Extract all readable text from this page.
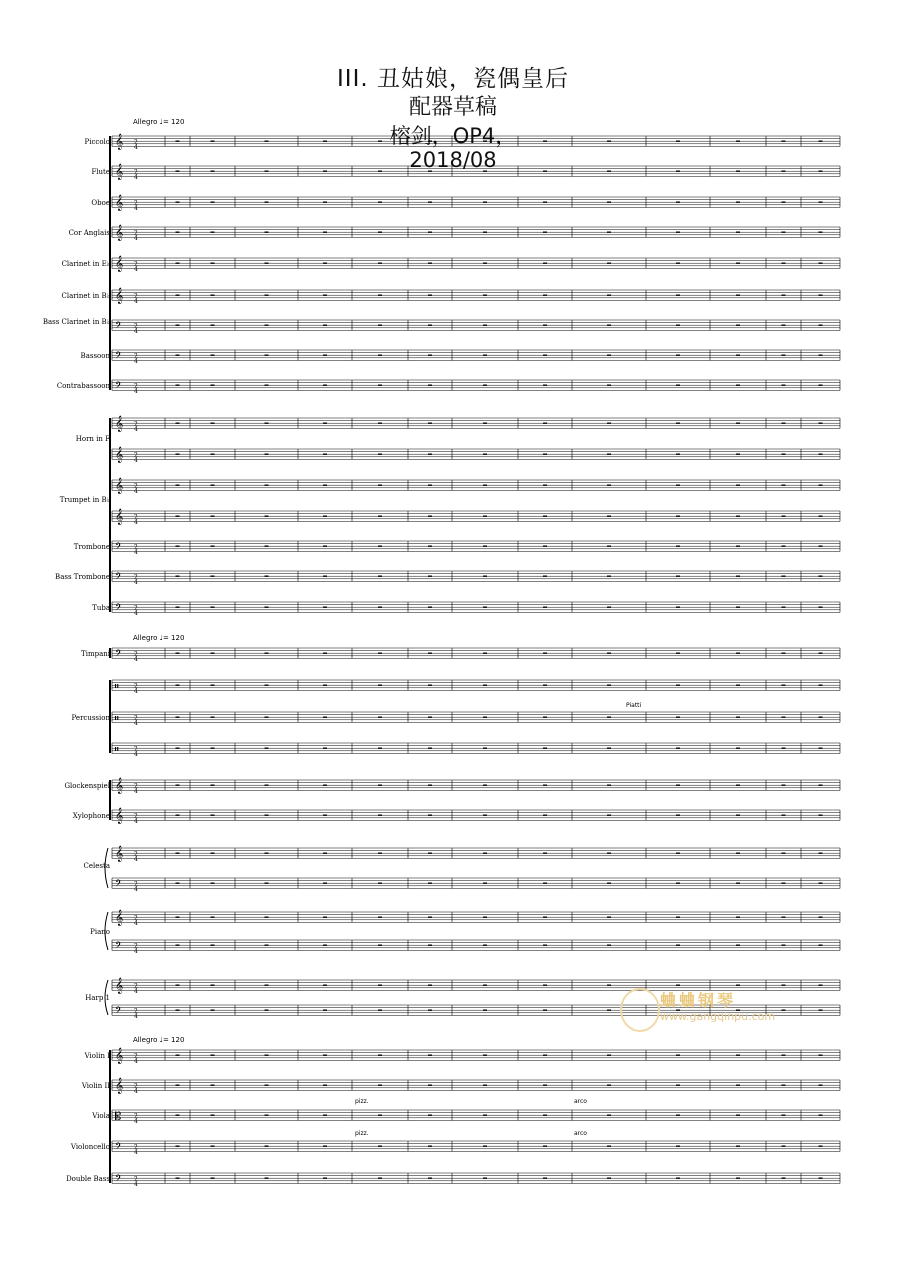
III. 丑姑娘，瓷偶皇后
配器草稿
榕剑，OP4，
2018/08
Allegro ♩= 120
Allegro ♩= 120
Allegro ♩= 120
𝄞 2
4
𝄞 2
4
𝄞 2
4
𝄞 2
4
𝄞 2
4
𝄞 2
4
𝄢 2
4
𝄢 2
4
𝄢 2
4
𝄞 2
4
𝄞 2
4
𝄞 2
4
𝄞 2
4
𝄢 2
4
𝄢 2
4
𝄢 2
4
𝄢 2
4
𝄥	2
4
𝄥	2
4
𝄥	2
4
𝄞 2
4
𝄞 2
4
𝄞 2
4
𝄢 2
4
𝄞 2
4
𝄢 2
4
𝄞 2
4
𝄢 2
4
𝄞 2
4
𝄞 2
4
𝄡 2
4
𝄢 2
4
𝄢 2
4
Piccolo
Flute
Oboe
Cor Anglais
Clarinet in E♭
Clarinet in B♭
Bass Clarinet in B♭
Bassoon
Contrabassoon
Horn in F
Trumpet in B♭
Trombone
Bass Trombone
Tuba
Timpani
Percussion
Glockenspiel
Xylophone
Celesta
Piano
Harp 1
Violin I
Violin II
Viola
Violoncello
Double Bass
Piatti
pizz.
pizz.
arco
arco
蛐蛐钢琴
www.gangqinpu.com
